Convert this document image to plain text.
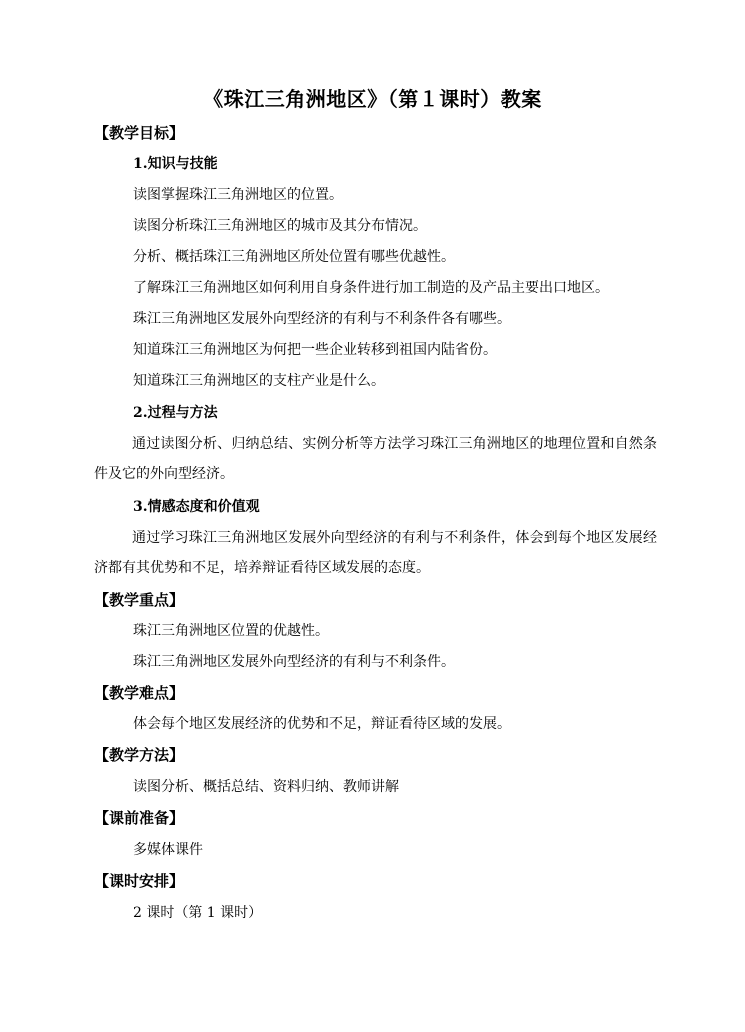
《珠江三角洲地区》（第１课时）教案
【教学目标】
1.知识与技能
读图掌握珠江三角洲地区的位置。
读图分析珠江三角洲地区的城市及其分布情况。
分析、概括珠江三角洲地区所处位置有哪些优越性。
了解珠江三角洲地区如何利用自身条件进行加工制造的及产品主要出口地区。
珠江三角洲地区发展外向型经济的有利与不利条件各有哪些。
知道珠江三角洲地区为何把一些企业转移到祖国内陆省份。
知道珠江三角洲地区的支柱产业是什么。
2.过程与方法
通过读图分析、归纳总结、实例分析等方法学习珠江三角洲地区的地理位置和自然条件及它的外向型经济。
3.情感态度和价值观
通过学习珠江三角洲地区发展外向型经济的有利与不利条件，体会到每个地区发展经济都有其优势和不足，培养辩证看待区域发展的态度。
【教学重点】
珠江三角洲地区位置的优越性。
珠江三角洲地区发展外向型经济的有利与不利条件。
【教学难点】
体会每个地区发展经济的优势和不足，辩证看待区域的发展。
【教学方法】
读图分析、概括总结、资料归纳、教师讲解
【课前准备】
多媒体课件
【课时安排】
2 课时（第 1 课时）
